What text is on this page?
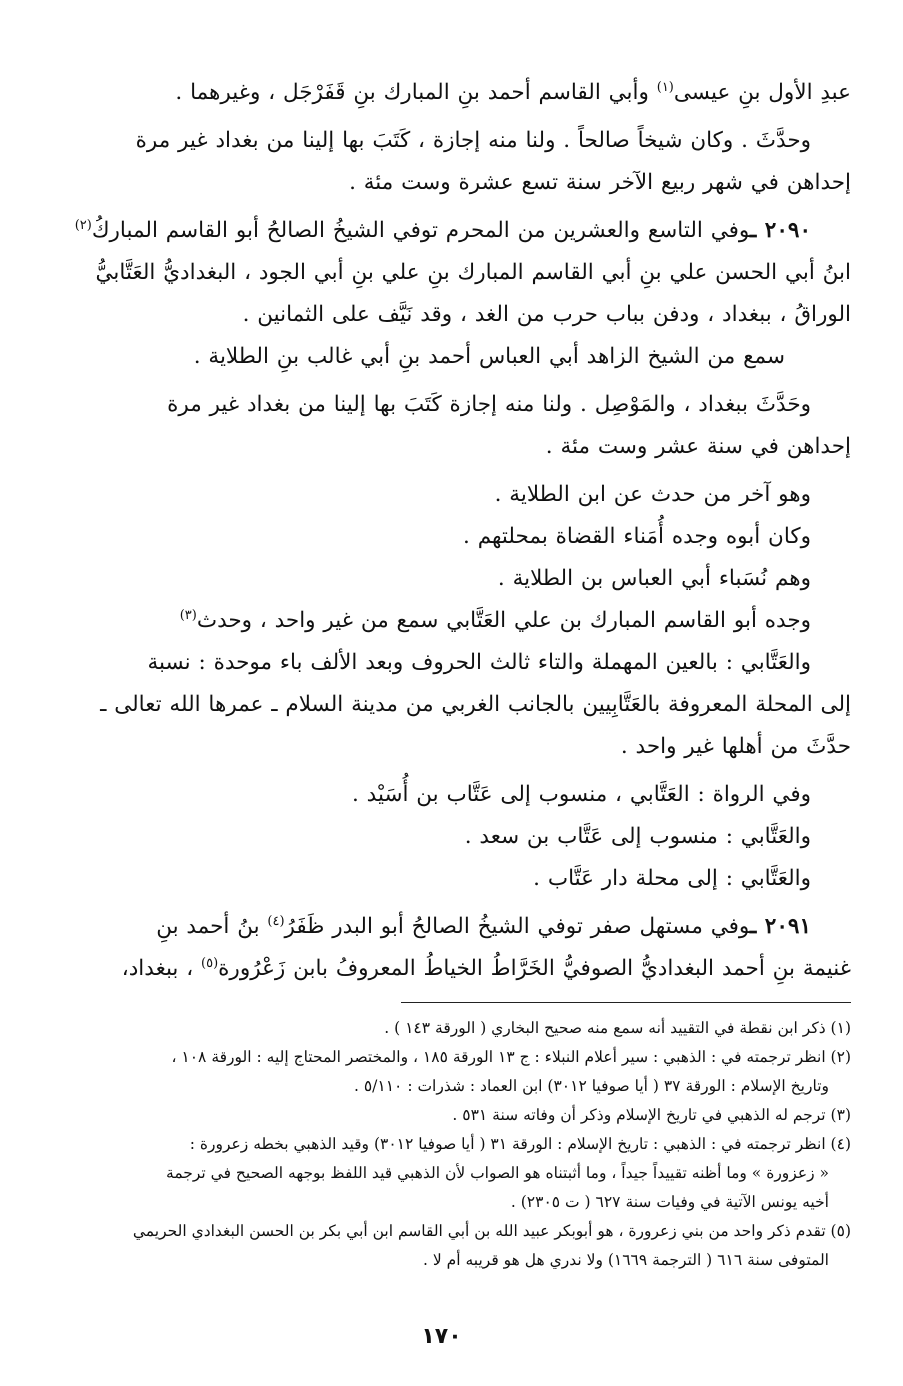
عبدِ الأول بنِ عيسى$^{(١)}$ وأبي القاسم أحمد بنِ المبارك بنِ قَفَرْجَل ، وغيرهما .

وحدَّثَ . وكان شيخاً صالحاً . ولنا منه إجازة ، كَتَبَ بها إلينا من بغداد غير مرة

إحداهن في شهر ربيع الآخر سنة تسع عشرة وست مئة .

٢٠٩٠ ـوفي التاسع والعشرين من المحرم توفي الشيخُ الصالحُ أبو القاسم المباركُ$^{(٢)}$

ابنُ أبي الحسن علي بنِ أبي القاسم المبارك بنِ علي بنِ أبي الجود ، البغداديُّ العَتَّابيُّ

الوراقُ ، ببغداد ، ودفن بباب حرب من الغد ، وقد نَيَّف على الثمانين .

سمع من الشيخ الزاهد أبي العباس أحمد بنِ أبي غالب بنِ الطلاية .

وحَدَّثَ ببغداد ، والمَوْصِل . ولنا منه إجازة كَتَبَ بها إلينا من بغداد غير مرة

إحداهن في سنة عشر وست مئة .

وهو آخر من حدث عن ابن الطلاية .

وكان أبوه وجده أُمَناء القضاة بمحلتهم .

وهم نُسَباء أبي العباس بن الطلاية .

وجده أبو القاسم المبارك بن علي العَتَّابي سمع من غير واحد ، وحدث$^{(٣)}$

والعَتَّابي : بالعين المهملة والتاء ثالث الحروف وبعد الألف باء موحدة : نسبة

إلى المحلة المعروفة بالعَتَّابِيين بالجانب الغربي من مدينة السلام ـ عمرها الله تعالى ـ

حدَّثَ من أهلها غير واحد .

وفي الرواة : العَتَّابي ، منسوب إلى عَتَّاب بن أُسَيْد .

والعَتَّابي : منسوب إلى عَتَّاب بن سعد .

والعَتَّابي : إلى محلة دار عَتَّاب .

٢٠٩١ ـوفي مستهل صفر توفي الشيخُ الصالحُ أبو البدر ظَفَرُ$^{(٤)}$ بنُ أحمد بنِ

غنيمة بنِ أحمد البغداديُّ الصوفيُّ الخَرَّاطُ الخياطُ المعروفُ بابن زَعْرُورة$^{(٥)}$ ، ببغداد،

(١) ذكر ابن نقطة في التقييد أنه سمع منه صحيح البخاري ( الورقة ١٤٣ ) .

(٢) انظر ترجمته في : الذهبي : سير أعلام النبلاء : ج ١٣ الورقة ١٨٥ ، والمختصر المحتاج إليه : الورقة ١٠٨ ،

وتاريخ الإسلام : الورقة ٣٧ ( أيا صوفيا ٣٠١٢) ابن العماد : شذرات : ٥/١١٠ .

(٣) ترجم له الذهبي في تاريخ الإسلام وذكر أن وفاته سنة ٥٣١ .

(٤) انظر ترجمته في : الذهبي : تاريخ الإسلام : الورقة ٣١ ( أيا صوفيا ٣٠١٢) وقيد الذهبي بخطه زعرورة :

« زعزورة » وما أظنه تقييداً جيداً ، وما أثبتناه هو الصواب لأن الذهبي قيد اللفظ بوجهه الصحيح في ترجمة

أخيه يونس الآتية في وفيات سنة ٦٢٧ ( ت ٢٣٠٥) .

(٥) تقدم ذكر واحد من بني زعرورة ، هو أبوبكر عبيد الله بن أبي القاسم ابن أبي بكر بن الحسن البغدادي الحريمي

المتوفى سنة ٦١٦ ( الترجمة ١٦٦٩) ولا ندري هل هو قريبه أم لا .

١٧٠
